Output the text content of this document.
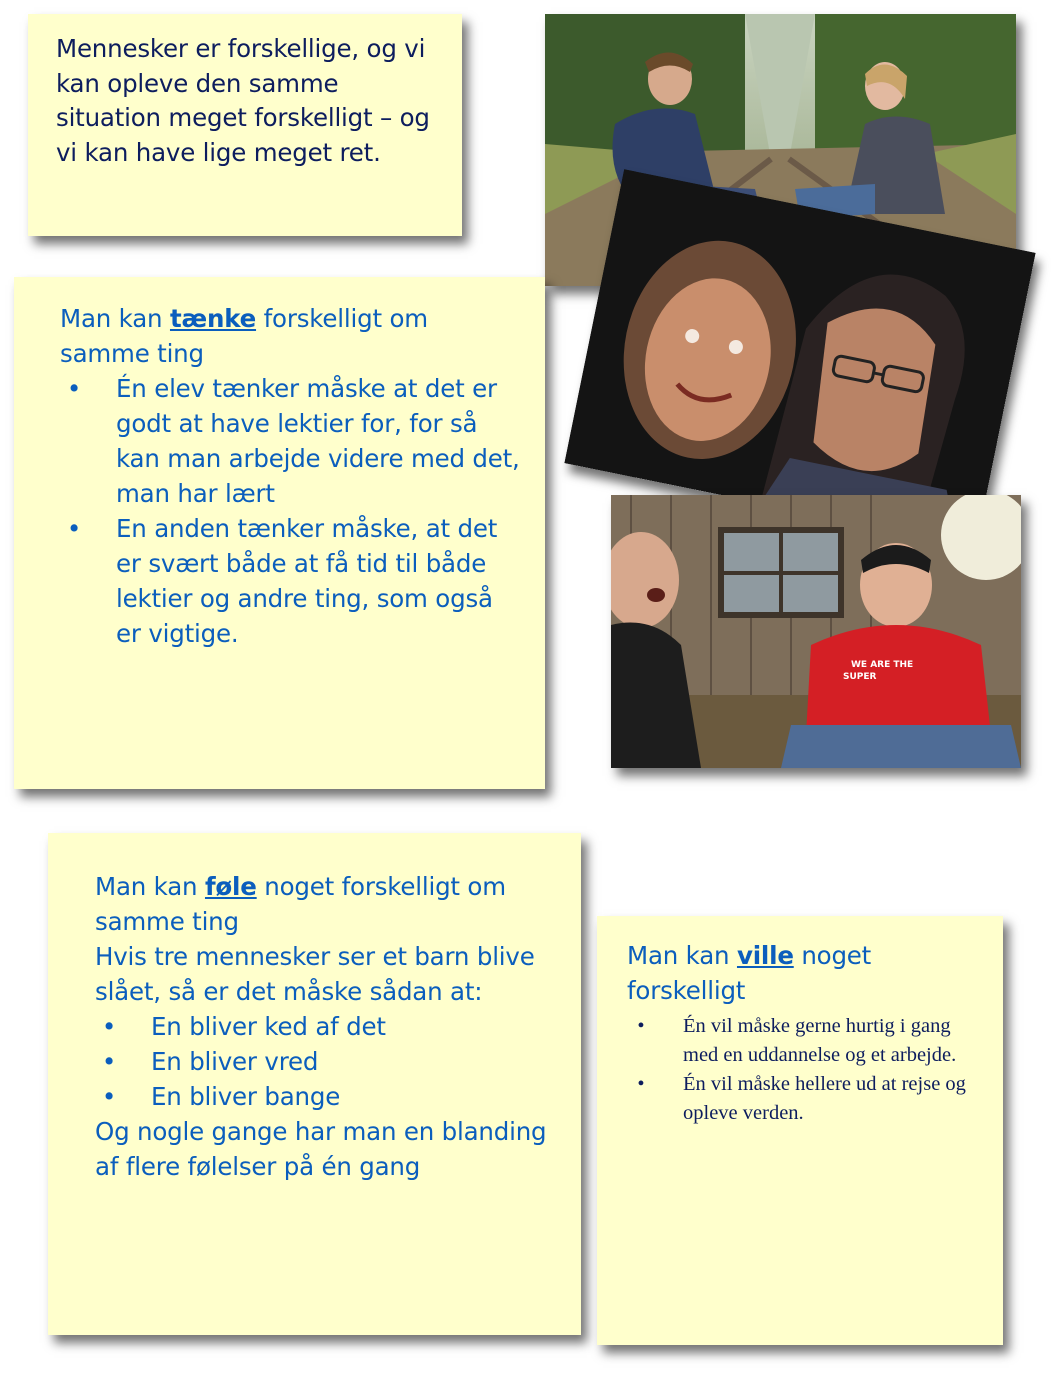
WE ARE THE
SUPER

Mennesker er forskellige, og vi kan opleve den samme situation meget forskelligt – og vi kan have lige meget ret.

Man kan tænke forskelligt om samme ting
• Én elev tænker måske at det er godt at have lektier for, for så kan man arbejde videre med det, man har lært
• En anden tænker måske, at det er svært både at få tid til både lektier og andre ting, som også er vigtige.
Man kan føle noget forskelligt om samme ting
Hvis tre mennesker ser et barn blive slået, så er det måske sådan at:
• En bliver ked af det
• En bliver vred
• En bliver bange
Og nogle gange har man en blanding af flere følelser på én gang
Man kan ville noget forskelligt
•	Én vil måske gerne hurtig i gang med en uddannelse og et arbejde.
•	Én vil måske hellere ud at rejse og opleve verden.
